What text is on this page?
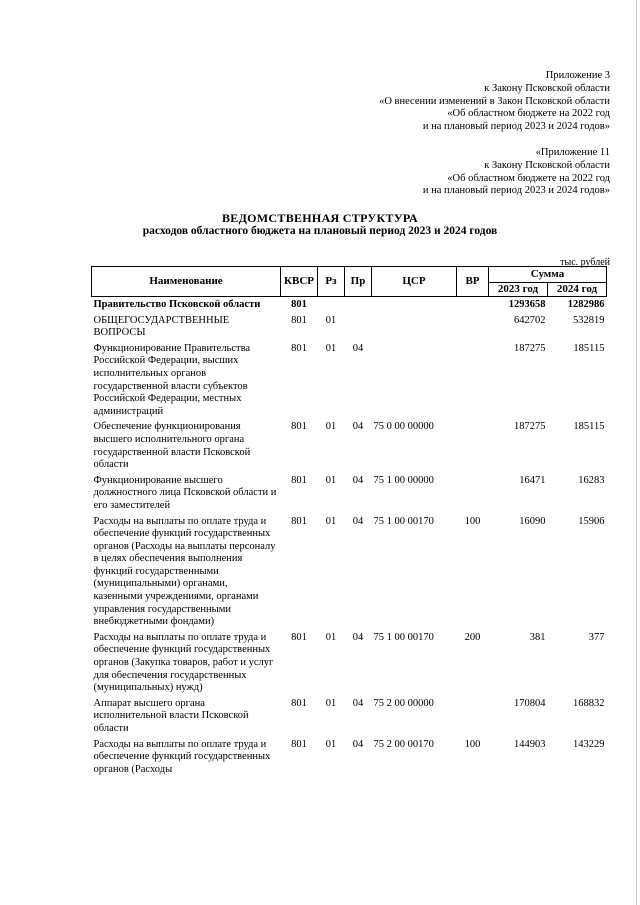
Приложение 3
к Закону Псковской области
«О внесении изменений в Закон Псковской области
«Об областном бюджете на 2022 год
и на плановый период 2023 и 2024 годов»
«Приложение 11
к Закону Псковской области
«Об областном бюджете на 2022 год
и на плановый период 2023 и 2024 годов»
ВЕДОМСТВЕННАЯ СТРУКТУРА
расходов областного бюджета на плановый период 2023 и 2024 годов
тыс. рублей
Наименование	КВСР	Рз	Пр	ЦСР	ВР	Сумма	
						2023 год	2024 год
Правительство Псковской области	801					1293658	1282986
ОБЩЕГОСУДАРСТВЕННЫЕ ВОПРОСЫ	801	01				642702	532819
Функционирование Правительства Российской Федерации, высших исполнительных органов государственной власти субъектов Российской Федерации, местных администраций	801	01	04			187275	185115
Обеспечение функционирования высшего исполнительного органа государственной власти Псковской области	801	01	04	75 0 00 00000		187275	185115
Функционирование высшего должностного лица Псковской области и его заместителей	801	01	04	75 1 00 00000		16471	16283
Расходы на выплаты по оплате труда и обеспечение функций государственных органов (Расходы на выплаты персоналу в целях обеспечения выполнения функций государственными (муниципальными) органами, казенными учреждениями, органами управления государственными внебюджетными фондами)	801	01	04	75 1 00 00170	100	16090	15906
Расходы на выплаты по оплате труда и обеспечение функций государственных органов (Закупка товаров, работ и услуг для обеспечения государственных (муниципальных) нужд)	801	01	04	75 1 00 00170	200	381	377
Аппарат высшего органа исполнительной власти Псковской области	801	01	04	75 2 00 00000		170804	168832
Расходы на выплаты по оплате труда и обеспечение функций государственных органов (Расходы	801	01	04	75 2 00 00170	100	144903	143229
